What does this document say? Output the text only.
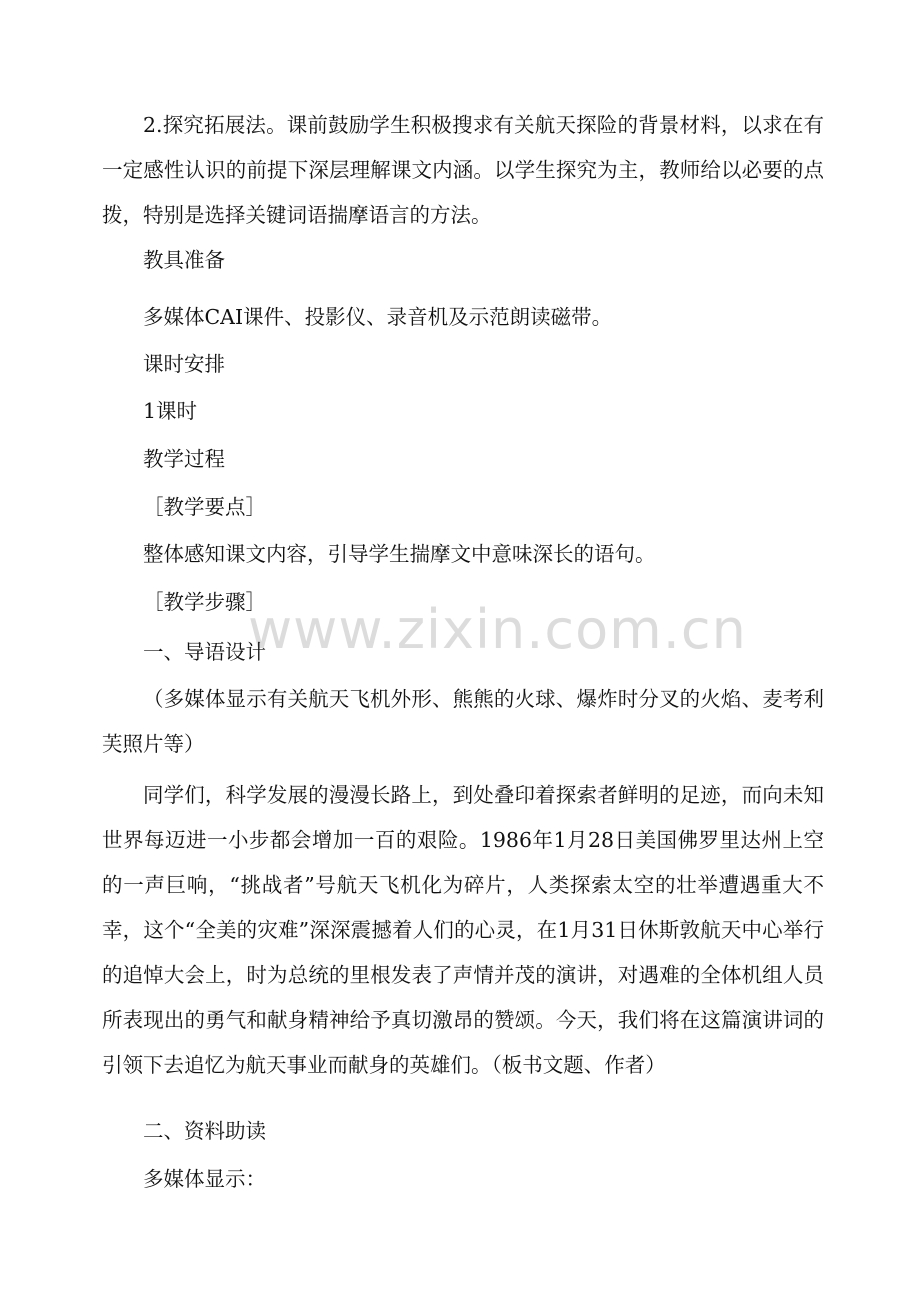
www.zixin.com.cn

2.探究拓展法。课前鼓励学生积极搜求有关航天探险的背景材料，以求在有一定感性认识的前提下深层理解课文内涵。以学生探究为主，教师给以必要的点拨，特别是选择关键词语揣摩语言的方法。

教具准备

多媒体CAI课件、投影仪、录音机及示范朗读磁带。

课时安排

1课时

教学过程

［教学要点］

整体感知课文内容，引导学生揣摩文中意味深长的语句。

［教学步骤］

一、导语设计

（多媒体显示有关航天飞机外形、熊熊的火球、爆炸时分叉的火焰、麦考利芙照片等）

同学们，科学发展的漫漫长路上，到处叠印着探索者鲜明的足迹，而向未知世界每迈进一小步都会增加一百的艰险。1986年1月28日美国佛罗里达州上空的一声巨响，“挑战者”号航天飞机化为碎片，人类探索太空的壮举遭遇重大不幸，这个“全美的灾难”深深震撼着人们的心灵，在1月31日休斯敦航天中心举行的追悼大会上，时为总统的里根发表了声情并茂的演讲，对遇难的全体机组人员所表现出的勇气和献身精神给予真切激昂的赞颂。今天，我们将在这篇演讲词的引领下去追忆为航天事业而献身的英雄们。（板书文题、作者）

二、资料助读

多媒体显示：
